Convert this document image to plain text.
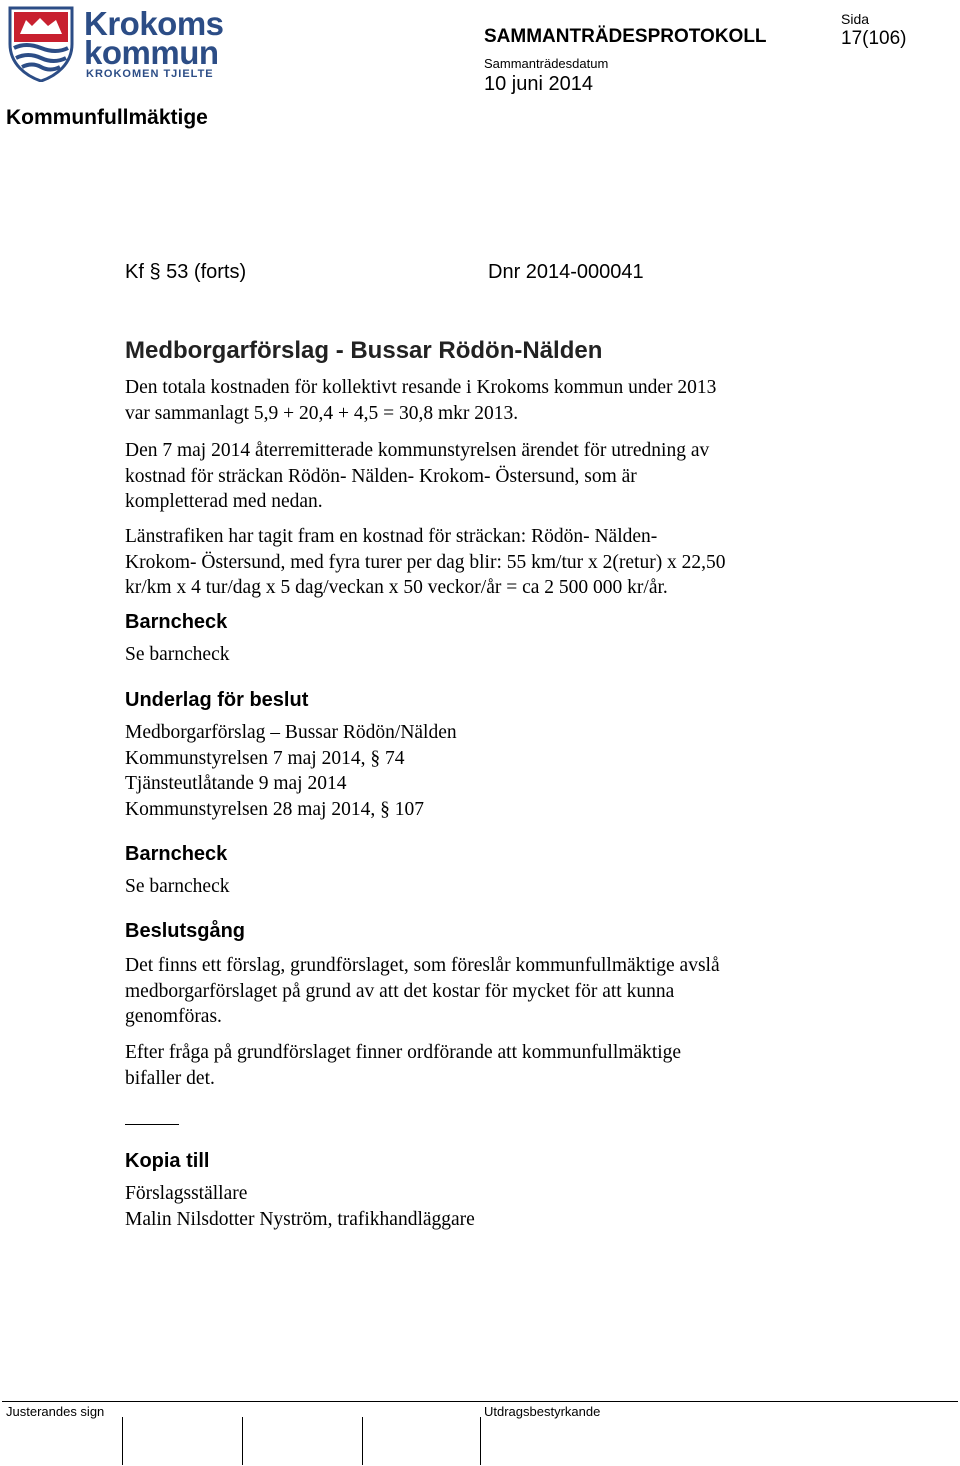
Krokoms
kommun
KROKOMEN TJIELTE
Kommunfullmäktige
SAMMANTRÄDESPROTOKOLL
Sammanträdesdatum
10 juni 2014
Sida
17(106)
Kf § 53 (forts)	Dnr 2014-000041
Medborgarförslag - Bussar Rödön-Nälden
Den totala kostnaden för kollektivt resande i Krokoms kommun under 2013
var sammanlagt 5,9 + 20,4 + 4,5 = 30,8 mkr 2013.
Den 7 maj 2014 återremitterade kommunstyrelsen ärendet för utredning av
kostnad för sträckan Rödön- Nälden- Krokom- Östersund, som är
kompletterad med nedan.
Länstrafiken har tagit fram en kostnad för sträckan: Rödön- Nälden-
Krokom- Östersund, med fyra turer per dag blir: 55 km/tur x 2(retur) x 22,50
kr/km x 4 tur/dag x 5 dag/veckan x 50 veckor/år = ca 2 500 000 kr/år.
Barncheck
Se barncheck
Underlag för beslut
Medborgarförslag – Bussar Rödön/Nälden
Kommunstyrelsen 7 maj 2014, § 74
Tjänsteutlåtande 9 maj 2014
Kommunstyrelsen 28 maj 2014, § 107
Barncheck
Se barncheck
Beslutsgång
Det finns ett förslag, grundförslaget, som föreslår kommunfullmäktige avslå
medborgarförslaget på grund av att det kostar för mycket för att kunna
genomföras.
Efter fråga på grundförslaget finner ordförande att kommunfullmäktige
bifaller det.
Kopia till
Förslagsställare
Malin Nilsdotter Nyström, trafikhandläggare
Justerandes sign	Utdragsbestyrkande
